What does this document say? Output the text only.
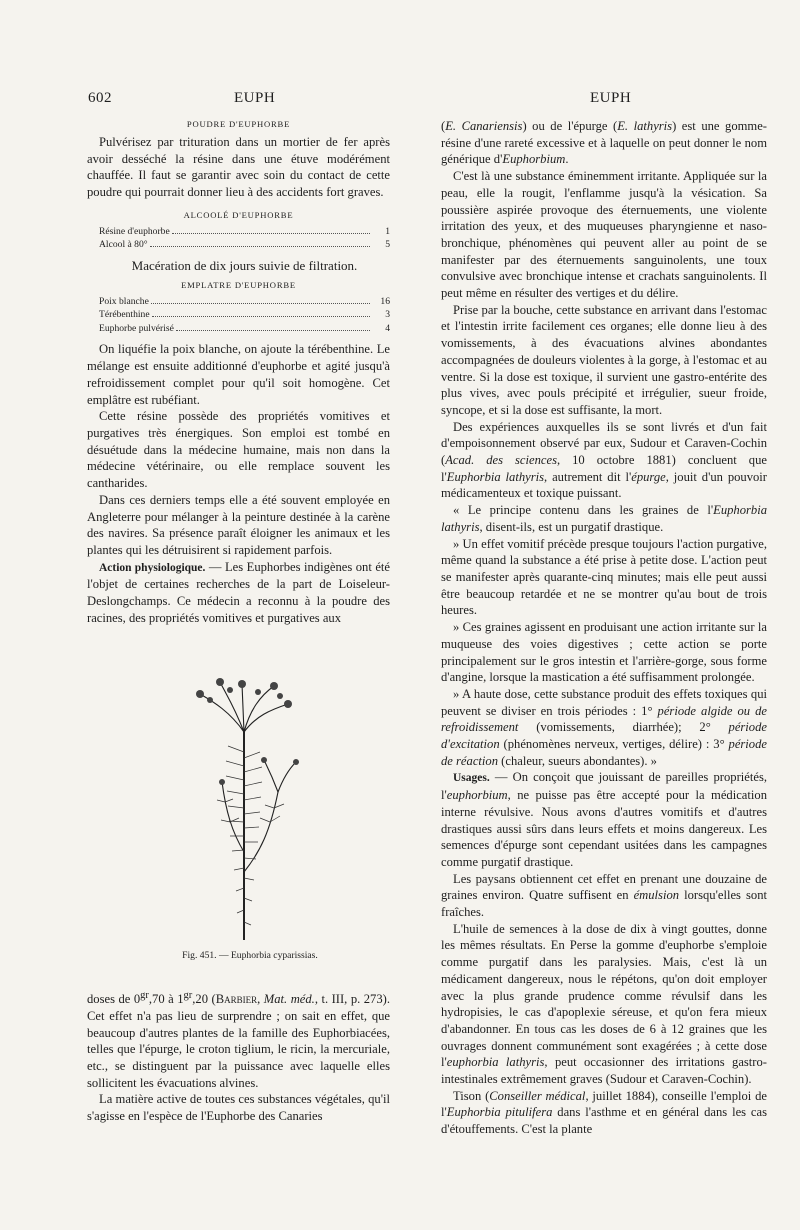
602	EUPH	EUPH
POUDRE D'EUPHORBE

Pulvérisez par trituration dans un mortier de fer après avoir desséché la résine dans une étuve modérément chauffée. Il faut se garantir avec soin du contact de cette poudre qui pourrait donner lieu à des accidents fort graves.

ALCOOLÉ D'EUPHORBE
Résine d'euphorbe	1
Alcool à 80°	5

Macération de dix jours suivie de filtration.

EMPLATRE D'EUPHORBE
Poix blanche	16
Térébenthine	3
Euphorbe pulvérisé	4

On liquéfie la poix blanche, on ajoute la térébenthine. Le mélange est ensuite additionné d'euphorbe et agité jusqu'à refroidissement complet pour qu'il soit homogène. Cet emplâtre est rubéfiant.

Cette résine possède des propriétés vomitives et purgatives très énergiques. Son emploi est tombé en désuétude dans la médecine humaine, mais non dans la médecine vétérinaire, ou elle remplace souvent les cantharides.

Dans ces derniers temps elle a été souvent employée en Angleterre pour mélanger à la peinture destinée à la carène des navires. Sa présence paraît éloigner les animaux et les plantes qui les détruisirent si rapidement parfois.

Action physiologique. — Les Euphorbes indigènes ont été l'objet de certaines recherches de la part de Loiseleur-Deslongchamps. Ce médecin a reconnu à la poudre des racines, des propriétés vomitives et purgatives aux

Fig. 451. — Euphorbia cyparissias.

doses de $0^{gr},70$ à $1^{gr},20$ (Barbier, Mat. méd., t. III, p. 273). Cet effet n'a pas lieu de surprendre ; on sait en effet, que beaucoup d'autres plantes de la famille des Euphorbiacées, telles que l'épurge, le croton tiglium, le ricin, la mercuriale, etc., se distinguent par la puissance avec laquelle elles sollicitent les évacuations alvines.

La matière active de toutes ces substances végétales, qu'il s'agisse en l'espèce de l'Euphorbe des Canaries

(E. Canariensis) ou de l'épurge (E. lathyris) est une gomme-résine d'une rareté excessive et à laquelle on peut donner le nom générique d'Euphorbium.

C'est là une substance éminemment irritante. Appliquée sur la peau, elle la rougit, l'enflamme jusqu'à la vésication. Sa poussière aspirée provoque des éternuements, une violente irritation des yeux, et des muqueuses pharyngienne et naso-bronchique, phénomènes qui peuvent aller au point de se manifester par des éternuements sanguinolents, une toux convulsive avec bronchique intense et crachats sanguinolents. Il peut même en résulter des vertiges et du délire.

Prise par la bouche, cette substance en arrivant dans l'estomac et l'intestin irrite facilement ces organes; elle donne lieu à des vomissements, à des évacuations alvines abondantes accompagnées de douleurs violentes à la gorge, à l'estomac et au ventre. Si la dose est toxique, il survient une gastro-entérite des plus vives, avec pouls précipité et irrégulier, sueur froide, syncope, et si la dose est suffisante, la mort.

Des expériences auxquelles ils se sont livrés et d'un fait d'empoisonnement observé par eux, Sudour et Caraven-Cochin (Acad. des sciences, 10 octobre 1881) concluent que l'Euphorbia lathyris, autrement dit l'épurge, jouit d'un pouvoir médicamenteux et toxique puissant.

« Le principe contenu dans les graines de l'Euphorbia lathyris, disent-ils, est un purgatif drastique.

» Un effet vomitif précède presque toujours l'action purgative, même quand la substance a été prise à petite dose. L'action peut se manifester après quarante-cinq minutes; mais elle peut aussi être beaucoup retardée et ne se montrer qu'au bout de trois heures.

» Ces graines agissent en produisant une action irritante sur la muqueuse des voies digestives ; cette action se porte principalement sur le gros intestin et l'arrière-gorge, sous forme d'angine, lorsque la mastication a été suffisamment prolongée.

» A haute dose, cette substance produit des effets toxiques qui peuvent se diviser en trois périodes : 1° période algide ou de refroidissement (vomissements, diarrhée); 2° période d'excitation (phénomènes nerveux, vertiges, délire) : 3° période de réaction (chaleur, sueurs abondantes). »

Usages. — On conçoit que jouissant de pareilles propriétés, l'euphorbium, ne puisse pas être accepté pour la médication interne révulsive. Nous avons d'autres vomitifs et d'autres drastiques aussi sûrs dans leurs effets et moins dangereux. Les semences d'épurge sont cependant usitées dans les campagnes comme purgatif drastique.

Les paysans obtiennent cet effet en prenant une douzaine de graines environ. Quatre suffisent en émulsion lorsqu'elles sont fraîches.

L'huile de semences à la dose de dix à vingt gouttes, donne les mêmes résultats. En Perse la gomme d'euphorbe s'emploie comme purgatif dans les paralysies. Mais, c'est là un médicament dangereux, nous le répétons, qu'on doit employer avec la plus grande prudence comme révulsif dans les hydropisies, le cas d'apoplexie séreuse, et qu'on fera mieux d'abandonner. En tous cas les doses de 6 à 12 graines que les ouvrages donnent communément sont exagérées ; à cette dose l'euphorbia lathyris, peut occasionner des irritations gastro-intestinales extrêmement graves (Sudour et Caraven-Cochin).

Tison (Conseiller médical, juillet 1884), conseille l'emploi de l'Euphorbia pitulifera dans l'asthme et en général dans les cas d'étouffements. C'est la plante
